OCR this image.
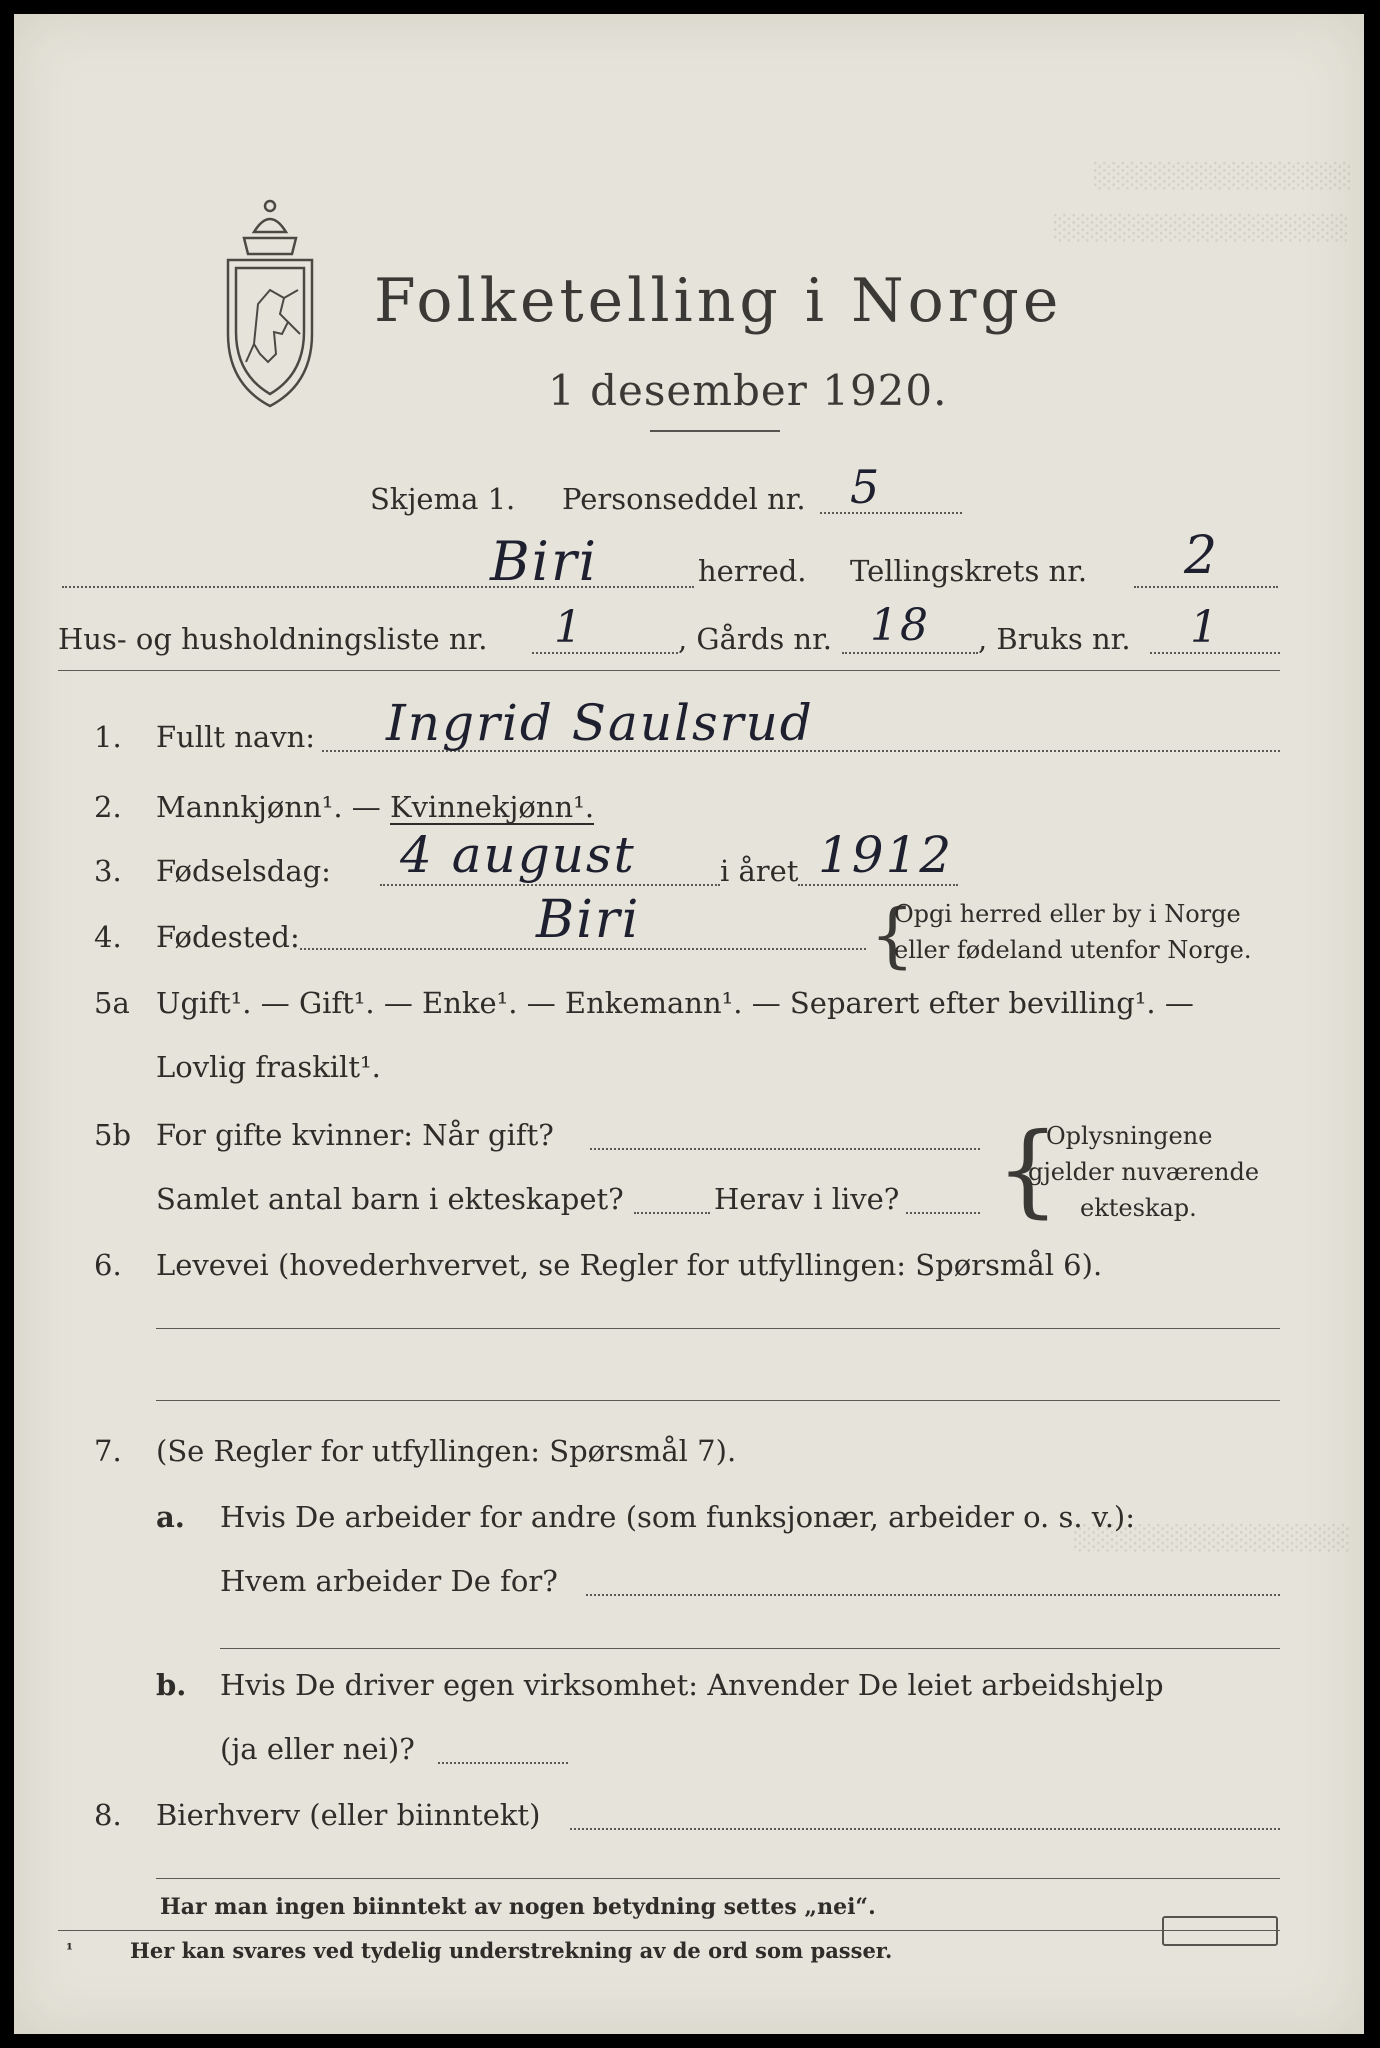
░░░░░░░░░░░░░░
░░░░░░░░░░░░░░░░
░░░░░░░░░░░░░░░
Folketelling i Norge
1 desember 1920.
Skjema 1. Personseddel nr. 5
Biri	herred. Tellingskrets nr. 2
Hus- og husholdningsliste nr. 1	, Gårds nr. 18 , Bruks nr. 1
1. Fullt navn: Ingrid Saulsrud
2. Mannkjønn¹. — Kvinnekjønn¹.
3. Fødselsdag: 4 august	i året 1912
4. Fødested:	Biri	{
Opgi herred eller by i Norge
eller fødeland utenfor Norge.
5a Ugift¹. — Gift¹. — Enke¹. — Enkemann¹. — Separert efter bevilling¹. —
Lovlig fraskilt¹.
5b For gifte kvinner: Når gift?
Samlet antal barn i ekteskapet?	Herav i live? {
Oplysningene
gjelder nuværende
ekteskap.
6. Levevei (hovederhvervet, se Regler for utfyllingen: Spørsmål 6).
7. (Se Regler for utfyllingen: Spørsmål 7).
a. Hvis De arbeider for andre (som funksjonær, arbeider o. s. v.):
Hvem arbeider De for?
b. Hvis De driver egen virksomhet: Anvender De leiet arbeidshjelp
(ja eller nei)?
8. Bierhverv (eller biinntekt)
Har man ingen biinntekt av nogen betydning settes „nei“.
¹	Her kan svares ved tydelig understrekning av de ord som passer.
